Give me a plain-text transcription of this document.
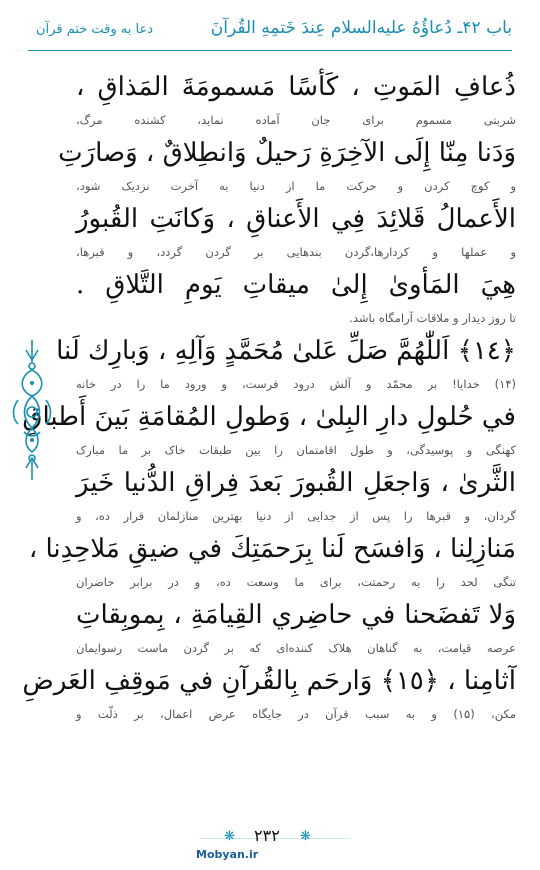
باب ۴۲ـ دُعاؤُهُ عليه‌السلام عِندَ خَتمِهِ القُرآنَ
دعا به وقت ختم قرآن
ذُعافِ المَوتِ ، كَأسًا مَسمومَةَ المَذاقِ ،
شربتی مسموم برای جان آماده نماید، کشنده مرگ،
وَدَنا مِنّا إِلَى الآخِرَةِ رَحيلٌ وَانطِلاقٌ ، وَصارَتِ
و کوچ کردن و حرکت ما از دنیا به آخرت نزدیک شود،
الأَعمالُ قَلائِدَ فِي الأَعناقِ ، وَكانَتِ القُبورُ
و عملها و کردارها،گردن بندهایی بر گردن گردد، و قبرها،
هِيَ المَأوىٰ إِلىٰ ميقاتِ يَومِ التَّلاقِ .
تا روز دیدار و ملاقات آرامگاه باشد.
﴿١٤﴾ اَللّٰهُمَّ صَلِّ عَلىٰ مُحَمَّدٍ وَآلِهِ ، وَبارِك لَنا
(۱۴) خدایا! بر محمّد و آلش درود فرست، و ورود ما را در خانه
في حُلولِ دارِ البِلىٰ ، وَطولِ المُقامَةِ بَينَ أَطباقِ
کهنگی و پوسیدگی، و طول اقامتمان را بین طبقات خاک بر ما مبارک
الثَّرىٰ ، وَاجعَلِ القُبورَ بَعدَ فِراقِ الدُّنيا خَيرَ
گردان، و قبرها را پس از جدایی از دنیا بهترین منازلمان قرار ده، و
مَنازِلِنا ، وَافسَح لَنا بِرَحمَتِكَ في ضيقِ مَلاحِدِنا ،
تنگی لحد را به رحمتت، برای ما وسعت ده، و در برابر حاضران
وَلا تَفضَحنا في حاضِري القِيامَةِ ، بِموبِقاتِ
عرصه قیامت، به گناهان هلاک کننده‌ای که بر گردن ماست رسوایمان
آثامِنا ، ﴿١٥﴾ وَارحَم بِالقُرآنِ في مَوقِفِ العَرضِ
مکن، (۱۵) و به سبب قرآن در جایگاه عرض اعمال، بر ذلّت و
❋ ۲۳۲ ❋
Mobyan.ir
